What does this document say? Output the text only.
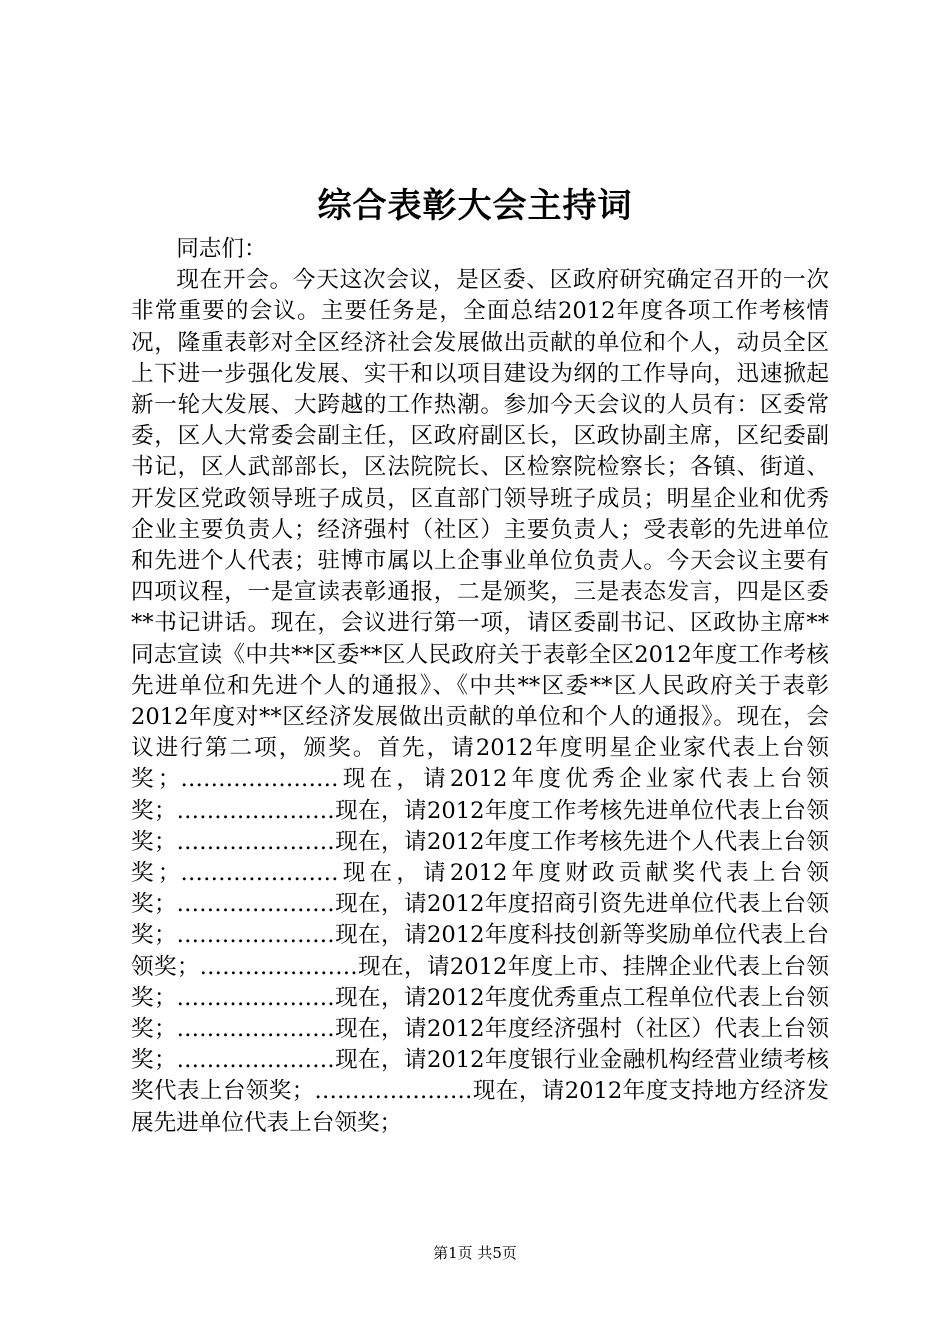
综合表彰大会主持词

同志们：

现在开会。今天这次会议，是区委、区政府研究确定召开的一次非常重要的会议。主要任务是，全面总结2012年度各项工作考核情况，隆重表彰对全区经济社会发展做出贡献的单位和个人，动员全区上下进一步强化发展、实干和以项目建设为纲的工作导向，迅速掀起新一轮大发展、大跨越的工作热潮。参加今天会议的人员有：区委常委，区人大常委会副主任，区政府副区长，区政协副主席，区纪委副书记，区人武部部长，区法院院长、区检察院检察长；各镇、街道、开发区党政领导班子成员，区直部门领导班子成员；明星企业和优秀企业主要负责人；经济强村（社区）主要负责人；受表彰的先进单位和先进个人代表；驻博市属以上企事业单位负责人。今天会议主要有四项议程，一是宣读表彰通报，二是颁奖，三是表态发言，四是区委**书记讲话。现在，会议进行第一项，请区委副书记、区政协主席**同志宣读《中共**区委**区人民政府关于表彰全区2012年度工作考核先进单位和先进个人的通报》、《中共**区委**区人民政府关于表彰2012年度对**区经济发展做出贡献的单位和个人的通报》。现在，会议进行第二项，颁奖。首先，请2012年度明星企业家代表上台领奖；…………………现在，请2012年度优秀企业家代表上台领奖；…………………现在，请2012年度工作考核先进单位代表上台领奖；…………………现在，请2012年度工作考核先进个人代表上台领奖；…………………现在，请2012年度财政贡献奖代表上台领奖；…………………现在，请2012年度招商引资先进单位代表上台领奖；…………………现在，请2012年度科技创新等奖励单位代表上台领奖；…………………现在，请2012年度上市、挂牌企业代表上台领奖；…………………现在，请2012年度优秀重点工程单位代表上台领奖；…………………现在，请2012年度经济强村（社区）代表上台领奖；…………………现在，请2012年度银行业金融机构经营业绩考核奖代表上台领奖；…………………现在，请2012年度支持地方经济发展先进单位代表上台领奖；

第1页 共5页
